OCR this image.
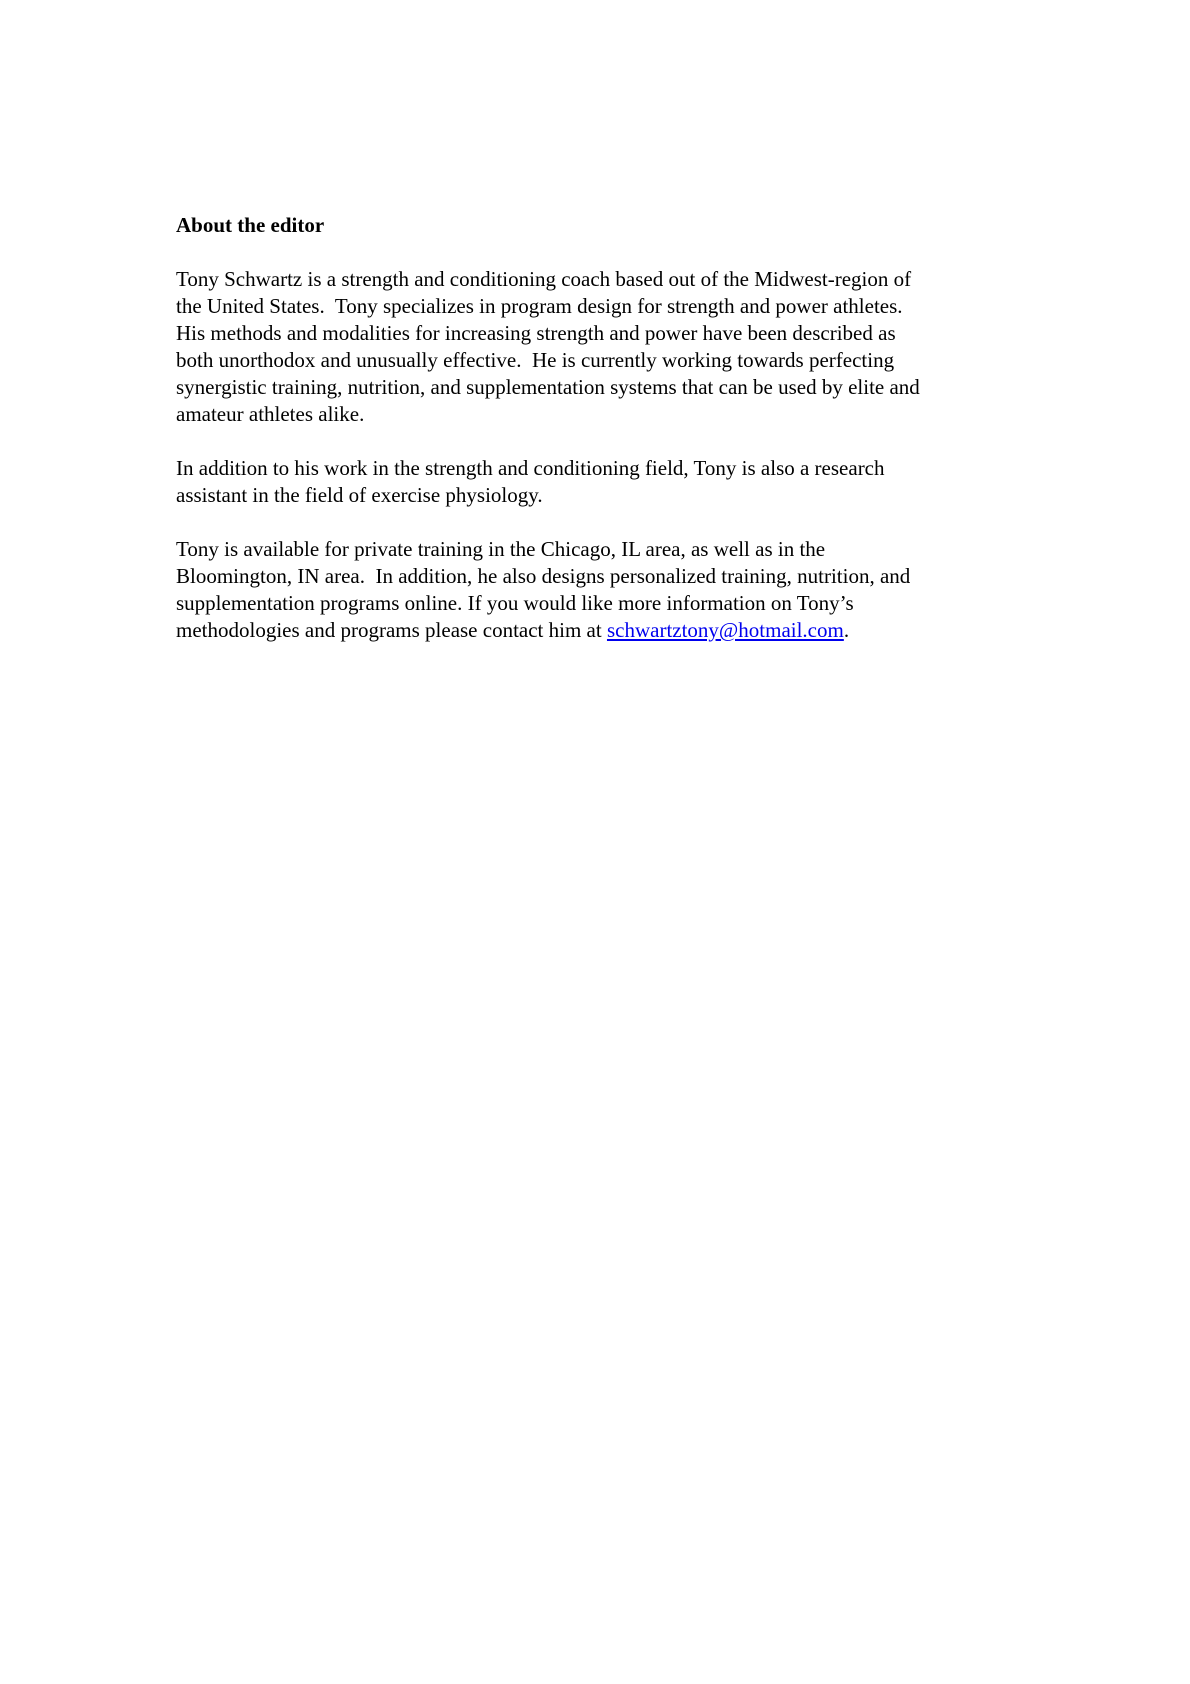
About the editor
Tony Schwartz is a strength and conditioning coach based out of the Midwest-region of
the United States.  Tony specializes in program design for strength and power athletes.
His methods and modalities for increasing strength and power have been described as
both unorthodox and unusually effective.  He is currently working towards perfecting
synergistic training, nutrition, and supplementation systems that can be used by elite and
amateur athletes alike.
In addition to his work in the strength and conditioning field, Tony is also a research
assistant in the field of exercise physiology.
Tony is available for private training in the Chicago, IL area, as well as in the
Bloomington, IN area.  In addition, he also designs personalized training, nutrition, and
supplementation programs online. If you would like more information on Tony’s
methodologies and programs please contact him at schwartztony@hotmail.com.
